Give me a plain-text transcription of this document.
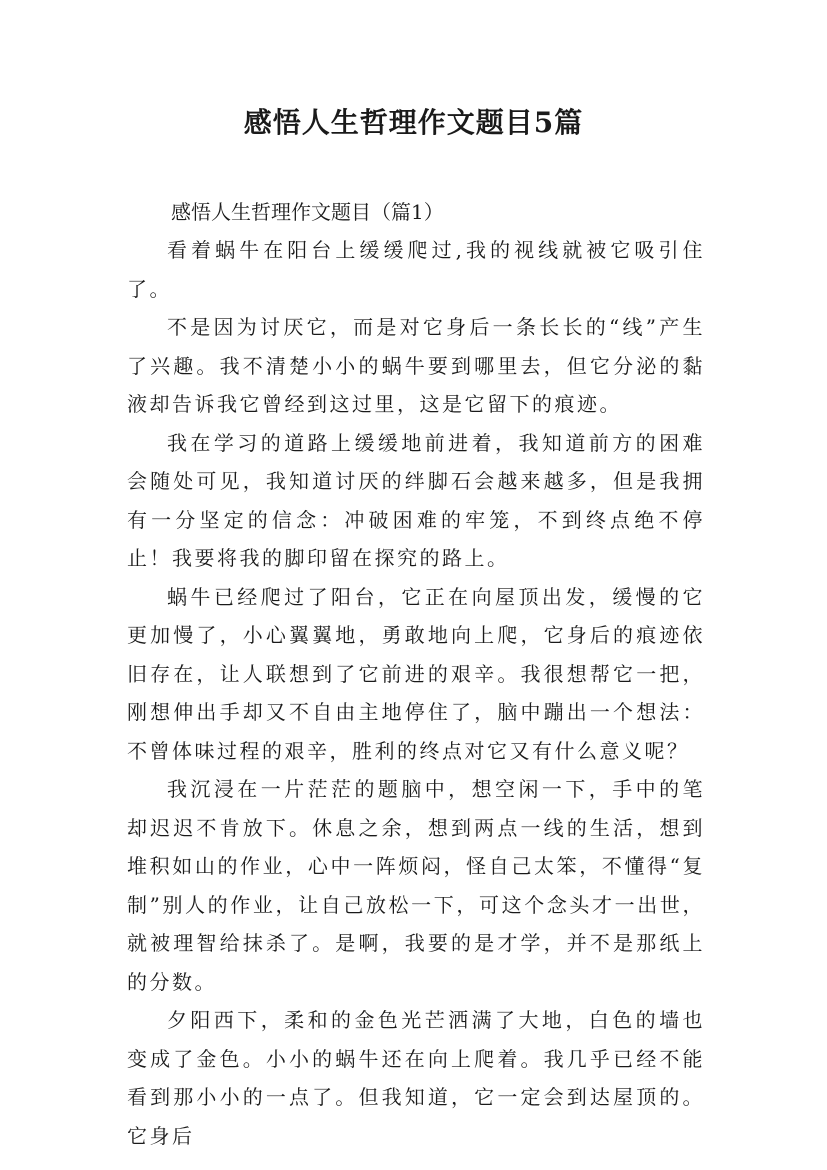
感悟人生哲理作文题目5篇

感悟人生哲理作文题目（篇1）

看着蜗牛在阳台上缓缓爬过,我的视线就被它吸引住了。

不是因为讨厌它，而是对它身后一条长长的“线”产生了兴趣。我不清楚小小的蜗牛要到哪里去，但它分泌的黏液却告诉我它曾经到这过里，这是它留下的痕迹。

我在学习的道路上缓缓地前进着，我知道前方的困难会随处可见，我知道讨厌的绊脚石会越来越多，但是我拥有一分坚定的信念：冲破困难的牢笼，不到终点绝不停止！我要将我的脚印留在探究的路上。

蜗牛已经爬过了阳台，它正在向屋顶出发，缓慢的它更加慢了，小心翼翼地，勇敢地向上爬，它身后的痕迹依旧存在，让人联想到了它前进的艰辛。我很想帮它一把，刚想伸出手却又不自由主地停住了，脑中蹦出一个想法：不曾体味过程的艰辛，胜利的终点对它又有什么意义呢？

我沉浸在一片茫茫的题脑中，想空闲一下，手中的笔却迟迟不肯放下。休息之余，想到两点一线的生活，想到堆积如山的作业，心中一阵烦闷，怪自己太笨，不懂得“复制”别人的作业，让自己放松一下，可这个念头才一出世，就被理智给抹杀了。是啊，我要的是才学，并不是那纸上的分数。

夕阳西下，柔和的金色光芒洒满了大地，白色的墙也变成了金色。小小的蜗牛还在向上爬着。我几乎已经不能看到那小小的一点了。但我知道，它一定会到达屋顶的。它身后
